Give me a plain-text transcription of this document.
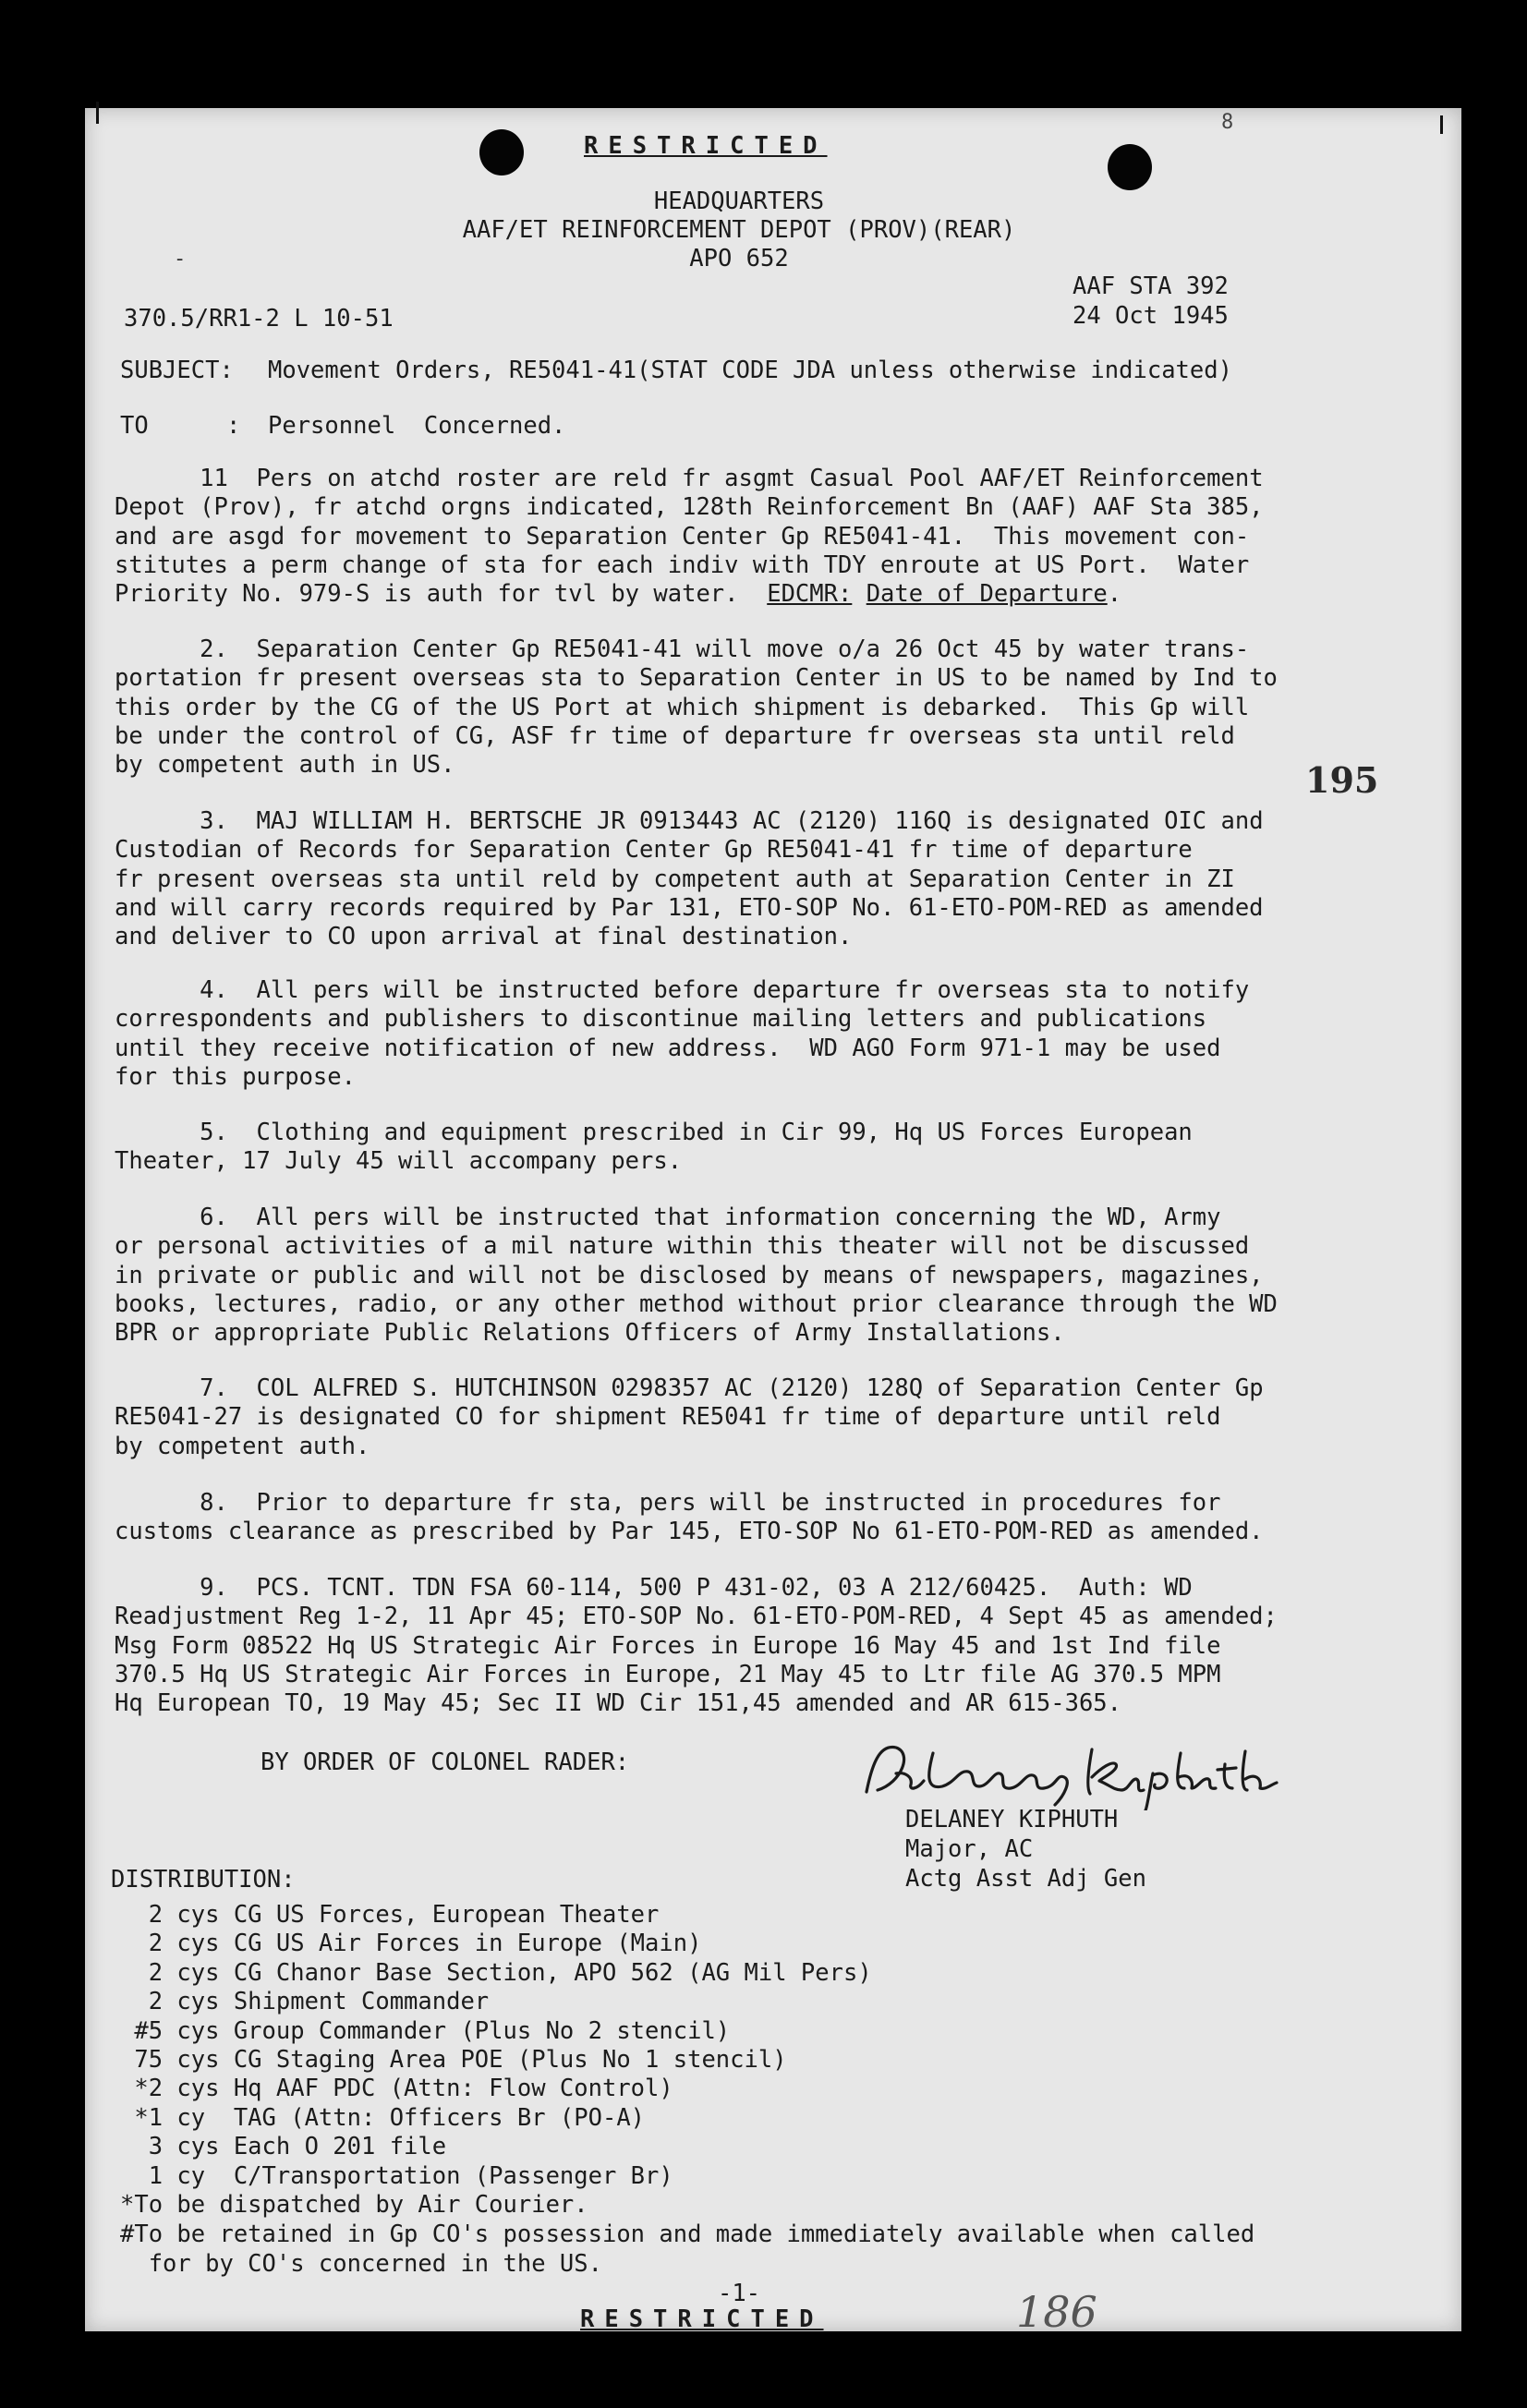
8
RESTRICTED
HEADQUARTERS
AAF/ET REINFORCEMENT DEPOT (PROV)(REAR)
APO 652
-
AAF STA 392
370.5/RR1-2 L 10-51	24 Oct 1945
SUBJECT: Movement Orders, RE5041-41(STAT CODE JDA unless otherwise indicated)
TO	: Personnel  Concerned.
11  Pers on atchd roster are reld fr asgmt Casual Pool AAF/ET Reinforcement
Depot (Prov), fr atchd orgns indicated, 128th Reinforcement Bn (AAF) AAF Sta 385,
and are asgd for movement to Separation Center Gp RE5041-41.  This movement con-
stitutes a perm change of sta for each indiv with TDY enroute at US Port.  Water
Priority No. 979-S is auth for tvl by water.  EDCMR: Date of Departure.
2.  Separation Center Gp RE5041-41 will move o/a 26 Oct 45 by water trans-
portation fr present overseas sta to Separation Center in US to be named by Ind to
this order by the CG of the US Port at which shipment is debarked.  This Gp will
be under the control of CG, ASF fr time of departure fr overseas sta until reld
by competent auth in US.	195
3.  MAJ WILLIAM H. BERTSCHE JR 0913443 AC (2120) 116Q is designated OIC and
Custodian of Records for Separation Center Gp RE5041-41 fr time of departure
fr present overseas sta until reld by competent auth at Separation Center in ZI
and will carry records required by Par 131, ETO-SOP No. 61-ETO-POM-RED as amended
and deliver to CO upon arrival at final destination.
4.  All pers will be instructed before departure fr overseas sta to notify
correspondents and publishers to discontinue mailing letters and publications
until they receive notification of new address.  WD AGO Form 971-1 may be used
for this purpose.
5.  Clothing and equipment prescribed in Cir 99, Hq US Forces European
Theater, 17 July 45 will accompany pers.
6.  All pers will be instructed that information concerning the WD, Army
or personal activities of a mil nature within this theater will not be discussed
in private or public and will not be disclosed by means of newspapers, magazines,
books, lectures, radio, or any other method without prior clearance through the WD
BPR or appropriate Public Relations Officers of Army Installations.
7.  COL ALFRED S. HUTCHINSON 0298357 AC (2120) 128Q of Separation Center Gp
RE5041-27 is designated CO for shipment RE5041 fr time of departure until reld
by competent auth.
8.  Prior to departure fr sta, pers will be instructed in procedures for
customs clearance as prescribed by Par 145, ETO-SOP No 61-ETO-POM-RED as amended.
9.  PCS. TCNT. TDN FSA 60-114, 500 P 431-02, 03 A 212/60425.  Auth: WD
Readjustment Reg 1-2, 11 Apr 45; ETO-SOP No. 61-ETO-POM-RED, 4 Sept 45 as amended;
Msg Form 08522 Hq US Strategic Air Forces in Europe 16 May 45 and 1st Ind file
370.5 Hq US Strategic Air Forces in Europe, 21 May 45 to Ltr file AG 370.5 MPM
Hq European TO, 19 May 45; Sec II WD Cir 151,45 amended and AR 615-365.
BY ORDER OF COLONEL RADER:
DELANEY KIPHUTH
Major, AC
Actg Asst Adj Gen
DISTRIBUTION:
2 cys CG US Forces, European Theater
2 cys CG US Air Forces in Europe (Main)
2 cys CG Chanor Base Section, APO 562 (AG Mil Pers)
2 cys Shipment Commander
#5 cys Group Commander (Plus No 2 stencil)
75 cys CG Staging Area POE (Plus No 1 stencil)
*2 cys Hq AAF PDC (Attn: Flow Control)
*1 cy  TAG (Attn: Officers Br (PO-A)
3 cys Each O 201 file
1 cy  C/Transportation (Passenger Br)
*To be dispatched by Air Courier.
#To be retained in Gp CO's possession and made immediately available when called
for by CO's concerned in the US.
-1-
RESTRICTED	186
